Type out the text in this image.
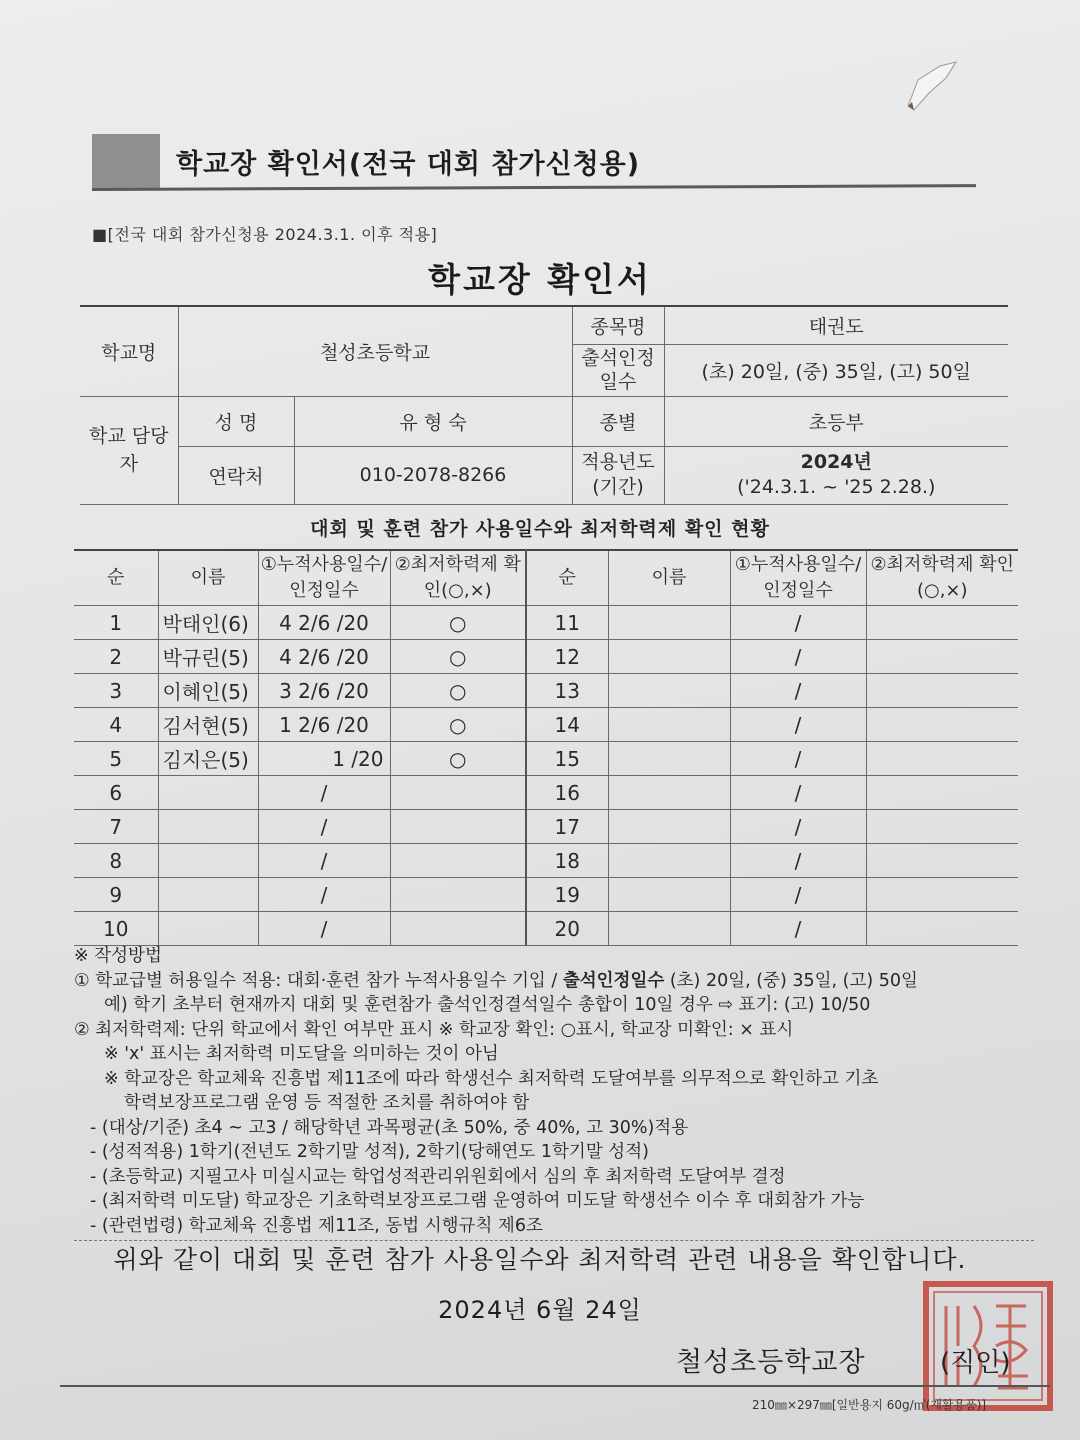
학교장 확인서(전국 대회 참가신청용)
■[전국 대회 참가신청용 2024.3.1. 이후 적용]
학교장 확인서
학교명	철성초등학교		종목명	태권도
			출석인정 일수	(초) 20일, (중) 35일, (고) 50일
학교 담당자	성 명	유 형 숙	종별	초등부
	연락처	010-2078-8266	적용년도 (기간)	2024년
('24.3.1. ~ '25 2.28.)
대회 및 훈련 참가 사용일수와 최저학력제 확인 현황
순	이름	①누적사용일수/인정일수	②최저학력제 확인(○,×)	순	이름	①누적사용일수/인정일수	②최저학력제 확인(○,×)
1	박태인(6)	4 2/6 /20	○	11		/	
2	박규린(5)	4 2/6 /20	○	12		/	
3	이혜인(5)	3 2/6 /20	○	13		/	
4	김서현(5)	1 2/6 /20	○	14		/	
5	김지은(5)	1 /20	○	15		/	
6		/		16		/	
7		/		17		/	
8		/		18		/	
9		/		19		/	
10		/		20		/	
※ 작성방법
① 학교급별 허용일수 적용: 대회·훈련 참가 누적사용일수 기입 / 출석인정일수 (초) 20일, (중) 35일, (고) 50일
예) 학기 초부터 현재까지 대회 및 훈련참가 출석인정결석일수 총합이 10일 경우 ⇨ 표기: (고) 10/50
② 최저학력제: 단위 학교에서 확인 여부만 표시 ※ 학교장 확인: ○표시, 학교장 미확인: × 표시
※ 'x' 표시는 최저학력 미도달을 의미하는 것이 아님
※ 학교장은 학교체육 진흥법 제11조에 따라 학생선수 최저학력 도달여부를 의무적으로 확인하고 기초
학력보장프로그램 운영 등 적절한 조치를 취하여야 함
- (대상/기준) 초4 ~ 고3 / 해당학년 과목평균(초 50%, 중 40%, 고 30%)적용
- (성적적용) 1학기(전년도 2학기말 성적), 2학기(당해연도 1학기말 성적)
- (초등학교) 지필고사 미실시교는 학업성적관리위원회에서 심의 후 최저학력 도달여부 결정
- (최저학력 미도달) 학교장은 기초학력보장프로그램 운영하여 미도달 학생선수 이수 후 대회참가 가능
- (관련법령) 학교체육 진흥법 제11조, 동법 시행규칙 제6조
위와 같이 대회 및 훈련 참가 사용일수와 최저학력 관련 내용을 확인합니다.
2024년 6월 24일
철성초등학교장	(직인)
210㎜×297㎜[일반용지 60g/㎡(재활용품)]
